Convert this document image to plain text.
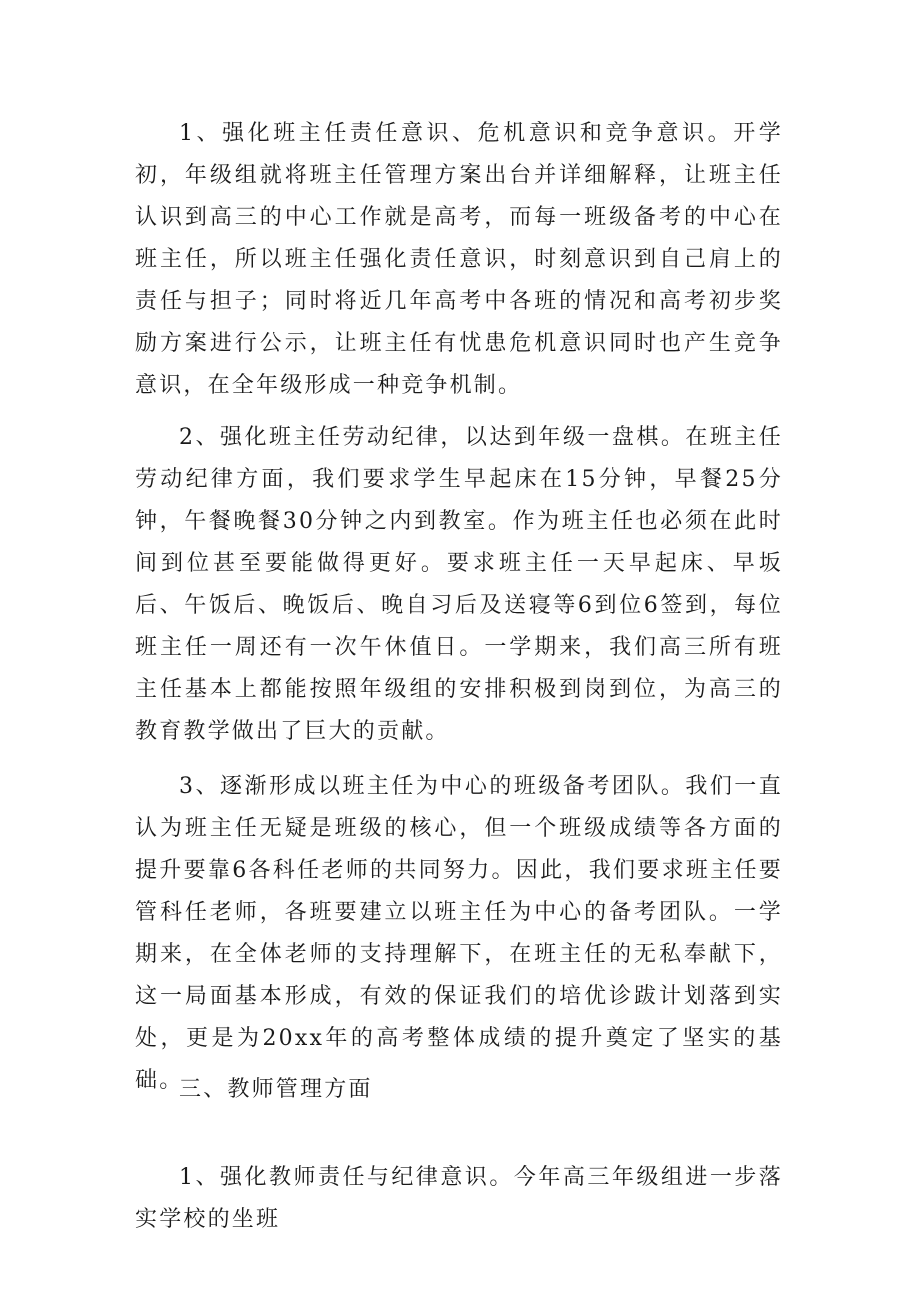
1、强化班主任责任意识、危机意识和竞争意识。开学初，年级组就将班主任管理方案出台并详细解释，让班主任认识到高三的中心工作就是高考，而每一班级备考的中心在班主任，所以班主任强化责任意识，时刻意识到自己肩上的责任与担子；同时将近几年高考中各班的情况和高考初步奖励方案进行公示，让班主任有忧患危机意识同时也产生竞争意识，在全年级形成一种竞争机制。

2、强化班主任劳动纪律，以达到年级一盘棋。在班主任劳动纪律方面，我们要求学生早起床在15分钟，早餐25分钟，午餐晚餐30分钟之内到教室。作为班主任也必须在此时间到位甚至要能做得更好。要求班主任一天早起床、早坂后、午饭后、晚饭后、晚自习后及送寝等6到位6签到，每位班主任一周还有一次午休值日。一学期来，我们高三所有班主任基本上都能按照年级组的安排积极到岗到位，为高三的教育教学做出了巨大的贡献。

3、逐渐形成以班主任为中心的班级备考团队。我们一直认为班主任无疑是班级的核心，但一个班级成绩等各方面的提升要靠6各科任老师的共同努力。因此，我们要求班主任要管科任老师，各班要建立以班主任为中心的备考团队。一学期来，在全体老师的支持理解下，在班主任的无私奉献下，这一局面基本形成，有效的保证我们的培优诊跋计划落到实处，更是为20xx年的高考整体成绩的提升奠定了坚实的基础。

三、教师管理方面

1、强化教师责任与纪律意识。今年高三年级组进一步落实学校的坐班
